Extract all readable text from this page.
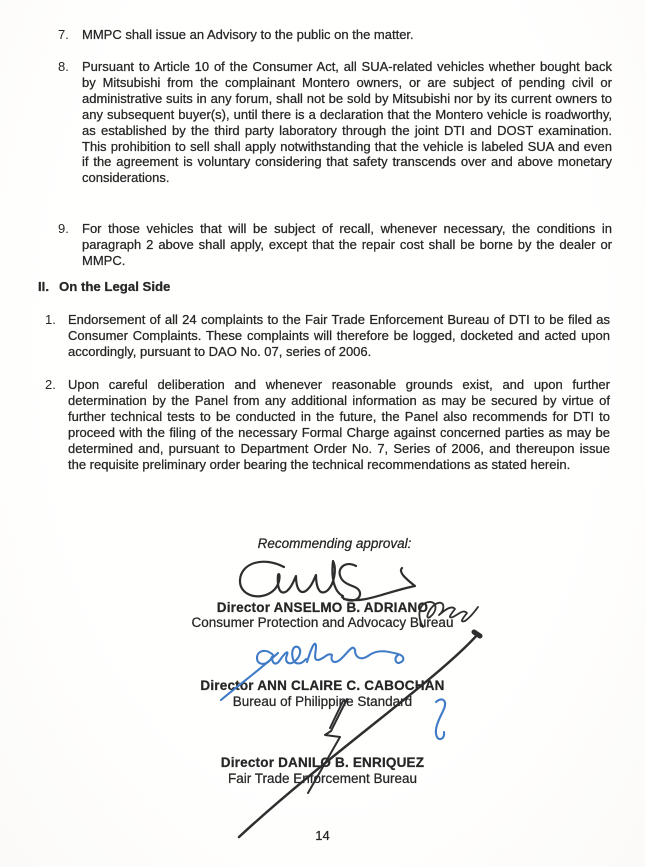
7. MMPC shall issue an Advisory to the public on the matter.

8. Pursuant to Article 10 of the Consumer Act, all SUA-related vehicles whether bought back by Mitsubishi from the complainant Montero owners, or are subject of pending civil or administrative suits in any forum, shall not be sold by Mitsubishi nor by its current owners to any subsequent buyer(s), until there is a declaration that the Montero vehicle is roadworthy, as established by the third party laboratory through the joint DTI and DOST examination. This prohibition to sell shall apply notwithstanding that the vehicle is labeled SUA and even if the agreement is voluntary considering that safety transcends over and above monetary considerations.

9. For those vehicles that will be subject of recall, whenever necessary, the conditions in paragraph 2 above shall apply, except that the repair cost shall be borne by the dealer or MMPC.

II. On the Legal Side
1. Endorsement of all 24 complaints to the Fair Trade Enforcement Bureau of DTI to be filed as Consumer Complaints. These complaints will therefore be logged, docketed and acted upon accordingly, pursuant to DAO No. 07, series of 2006.

2. Upon careful deliberation and whenever reasonable grounds exist, and upon further determination by the Panel from any additional information as may be secured by virtue of further technical tests to be conducted in the future, the Panel also recommends for DTI to proceed with the filing of the necessary Formal Charge against concerned parties as may be determined and, pursuant to Department Order No. 7, Series of 2006, and thereupon issue the requisite preliminary order bearing the technical recommendations as stated herein.

Recommending approval:
Director ANSELMO B. ADRIANO
Consumer Protection and Advocacy Bureau
Director ANN CLAIRE C. CABOCHAN
Bureau of Philippine Standard
Director DANILO B. ENRIQUEZ
Fair Trade Enforcement Bureau
14
